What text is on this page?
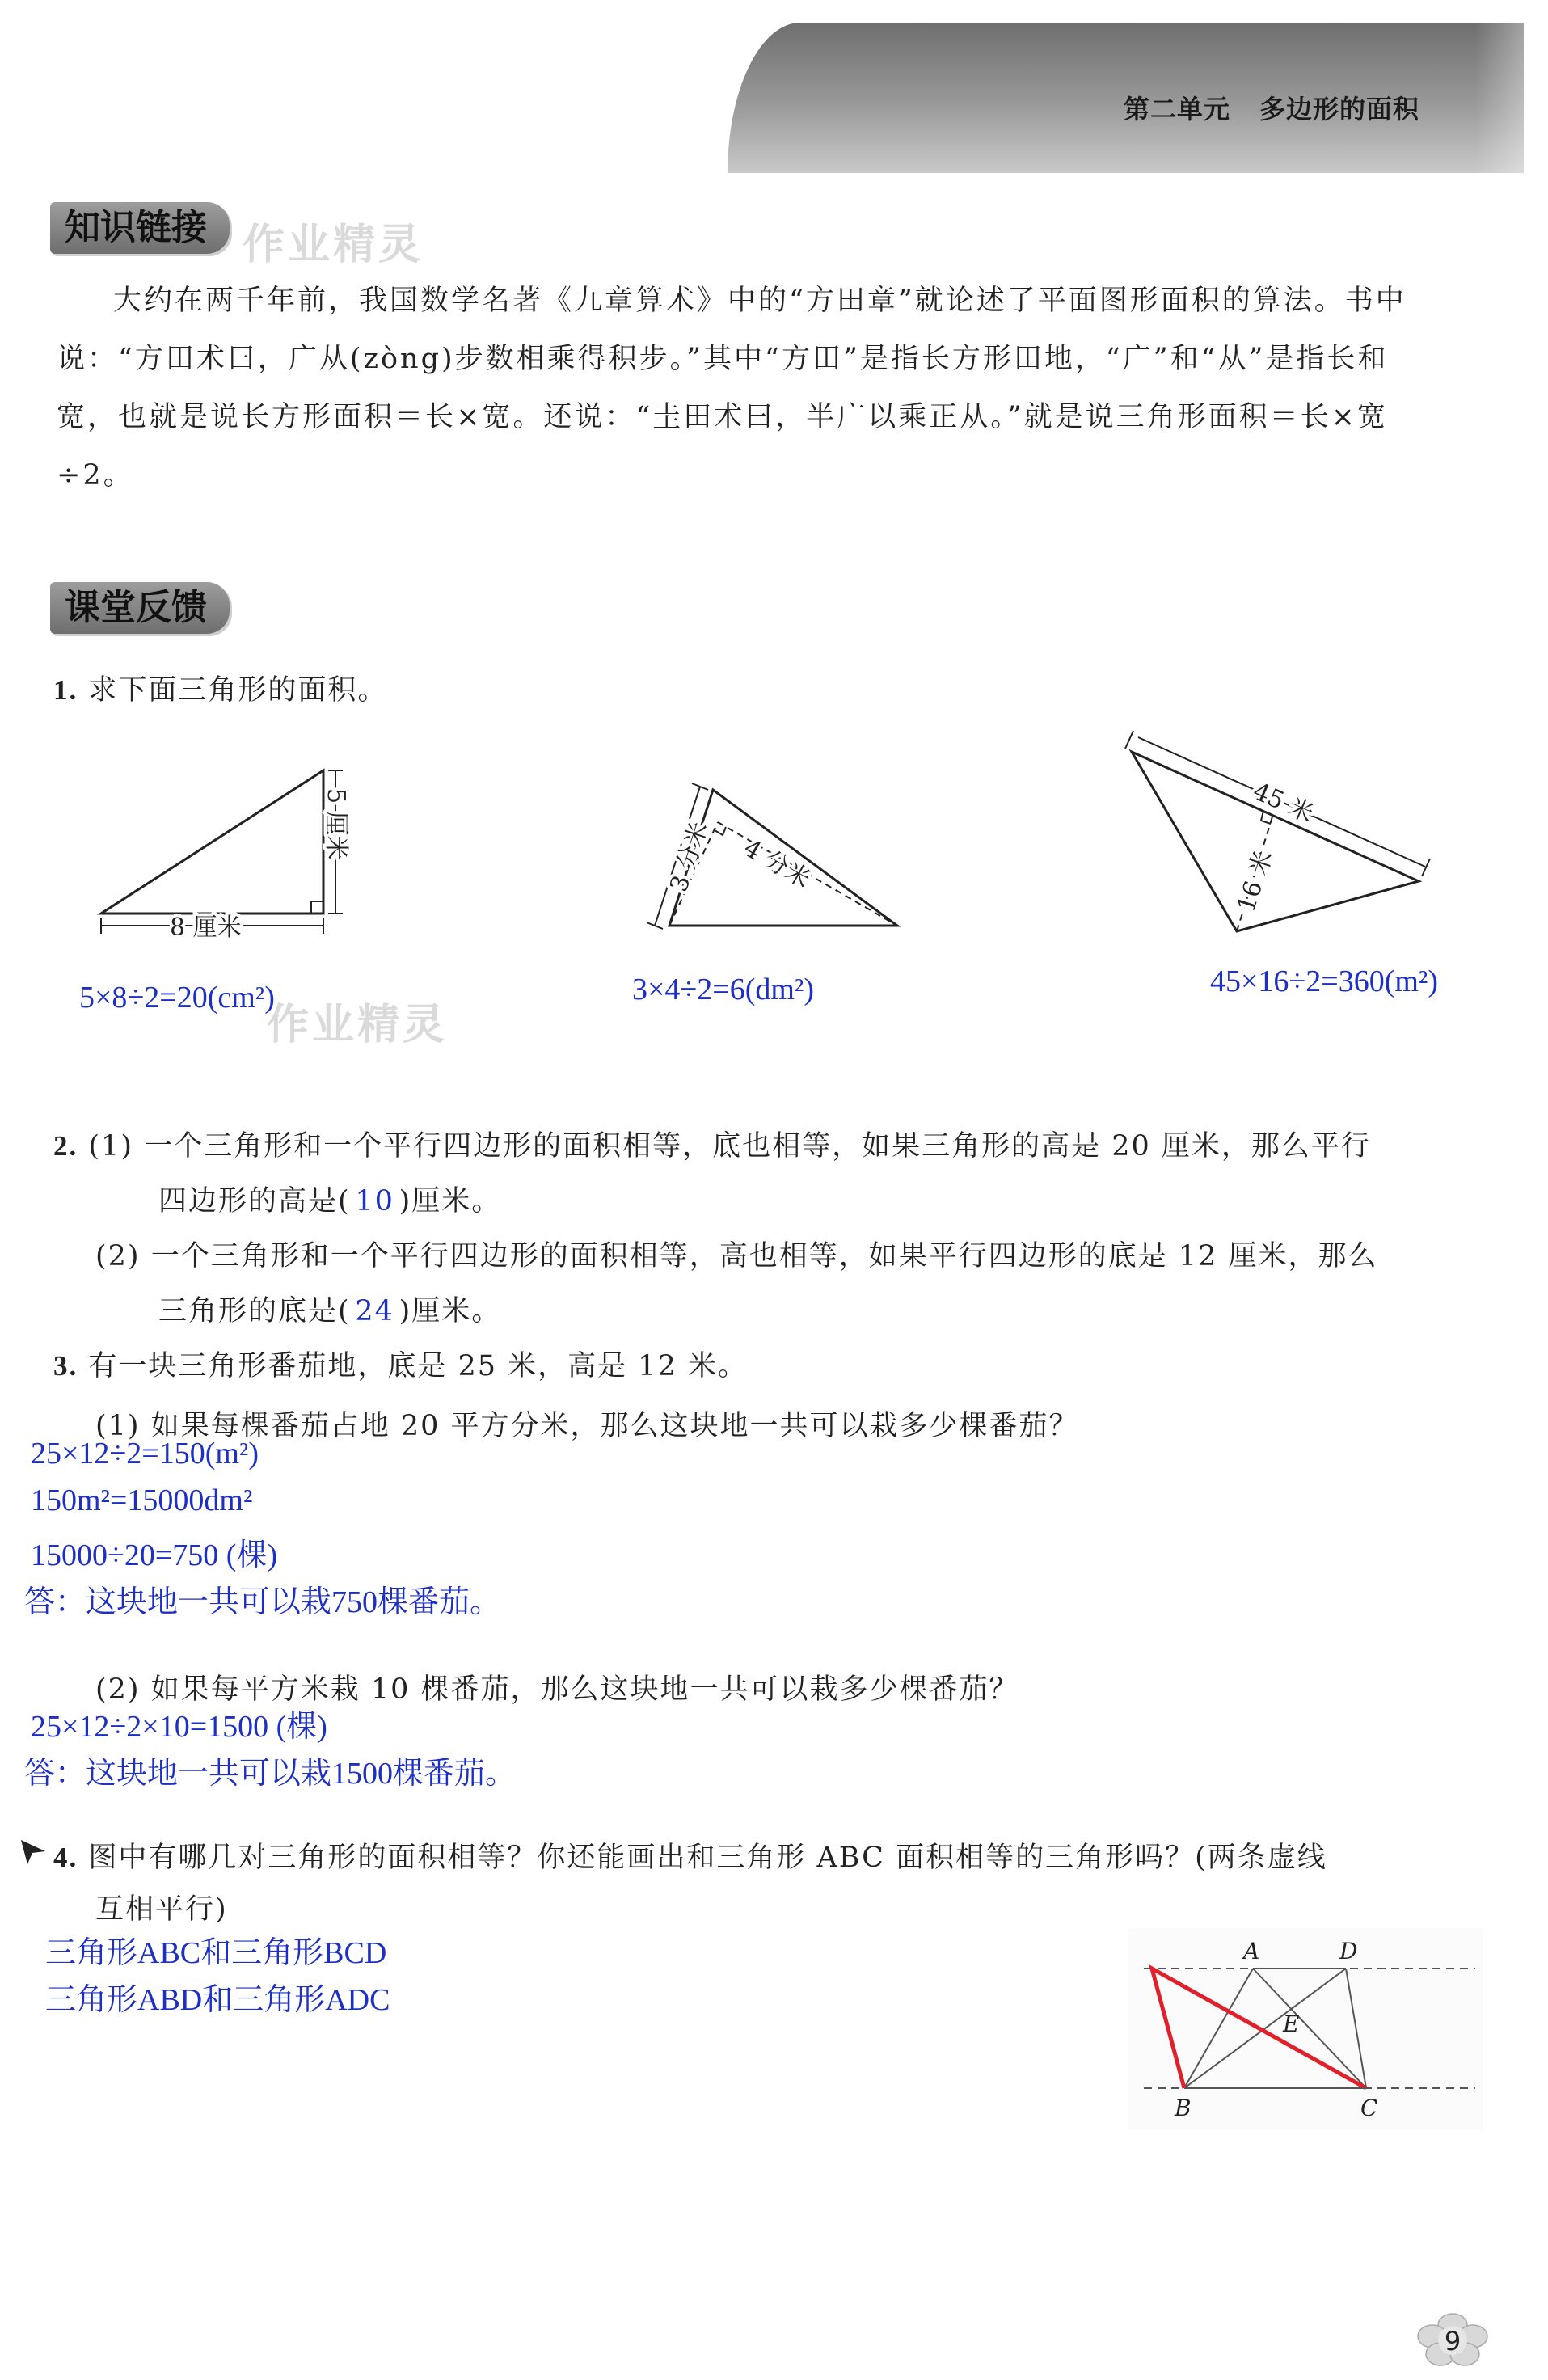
第二单元 多边形的面积
知识链接 作业精灵
大约在两千年前，我国数学名著《九章算术》中的“方田章”就论述了平面图形面积的算法。书中说：“方田术曰，广从(zòng)步数相乘得积步。”其中“方田”是指长方形田地，“广”和“从”是指长和宽，也就是说长方形面积＝长×宽。还说：“圭田术曰，半广以乘正从。”就是说三角形面积＝长×宽÷2。
课堂反馈
1. 求下面三角形的面积。
8 厘米
5 厘米
5×8÷2=20(cm²)
作业精灵
3 分米 4 分米
3×4÷2=6(dm²)
45 米
16 米
45×16÷2=360(m²)
2. (1) 一个三角形和一个平行四边形的面积相等，底也相等，如果三角形的高是 20 厘米，那么平行
四边形的高是( 10 )厘米。
(2) 一个三角形和一个平行四边形的面积相等，高也相等，如果平行四边形的底是 12 厘米，那么
三角形的底是( 24 )厘米。
3. 有一块三角形番茄地，底是 25 米，高是 12 米。
(1) 如果每棵番茄占地 20 平方分米，那么这块地一共可以栽多少棵番茄？
25×12÷2=150(m²)
150m²=15000dm²
15000÷20=750 (棵)
答：这块地一共可以栽750棵番茄。
(2) 如果每平方米栽 10 棵番茄，那么这块地一共可以栽多少棵番茄？
25×12÷2×10=1500 (棵)
答：这块地一共可以栽1500棵番茄。
4. 图中有哪几对三角形的面积相等？你还能画出和三角形 ABC 面积相等的三角形吗？(两条虚线
互相平行)
三角形ABC和三角形BCD
三角形ABD和三角形ADC
A	D
E
B	C
9
